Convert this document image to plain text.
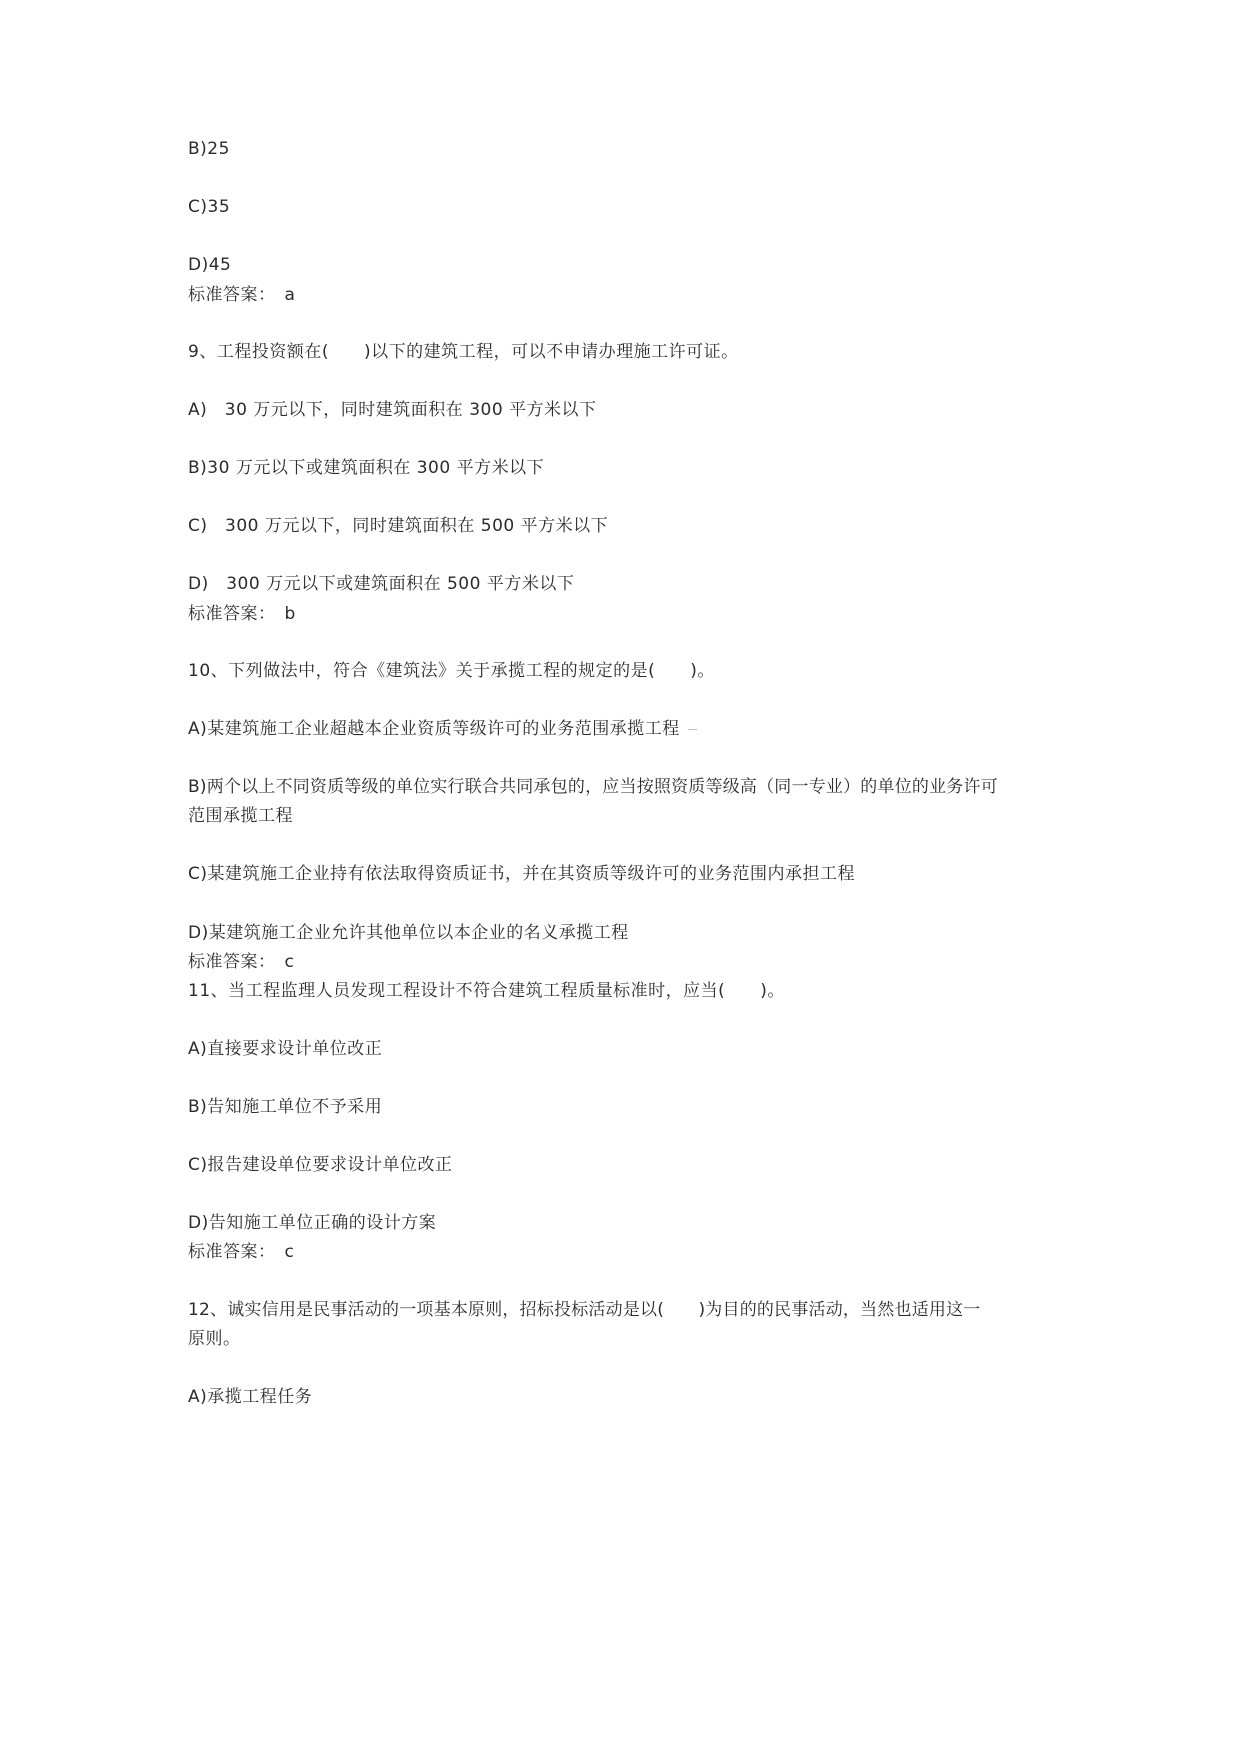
B)25
C)35
D)45
标准答案：　a
9、工程投资额在(　　)以下的建筑工程，可以不申请办理施工许可证。
A)　30 万元以下，同时建筑面积在 300 平方米以下
B)30 万元以下或建筑面积在 300 平方米以下
C)　300 万元以下，同时建筑面积在 500 平方米以下
D)　300 万元以下或建筑面积在 500 平方米以下
标准答案：　b
10、下列做法中，符合《建筑法》关于承揽工程的规定的是(　　)。
A)某建筑施工企业超越本企业资质等级许可的业务范围承揽工程
B)两个以上不同资质等级的单位实行联合共同承包的，应当按照资质等级高（同一专业）的单位的业务许可
范围承揽工程
C)某建筑施工企业持有依法取得资质证书，并在其资质等级许可的业务范围内承担工程
D)某建筑施工企业允许其他单位以本企业的名义承揽工程
标准答案：　c
11、当工程监理人员发现工程设计不符合建筑工程质量标准时，应当(　　)。
A)直接要求设计单位改正
B)告知施工单位不予采用
C)报告建设单位要求设计单位改正
D)告知施工单位正确的设计方案
标准答案：　c
12、诚实信用是民事活动的一项基本原则，招标投标活动是以(　　)为目的的民事活动，当然也适用这一
原则。
A)承揽工程任务
